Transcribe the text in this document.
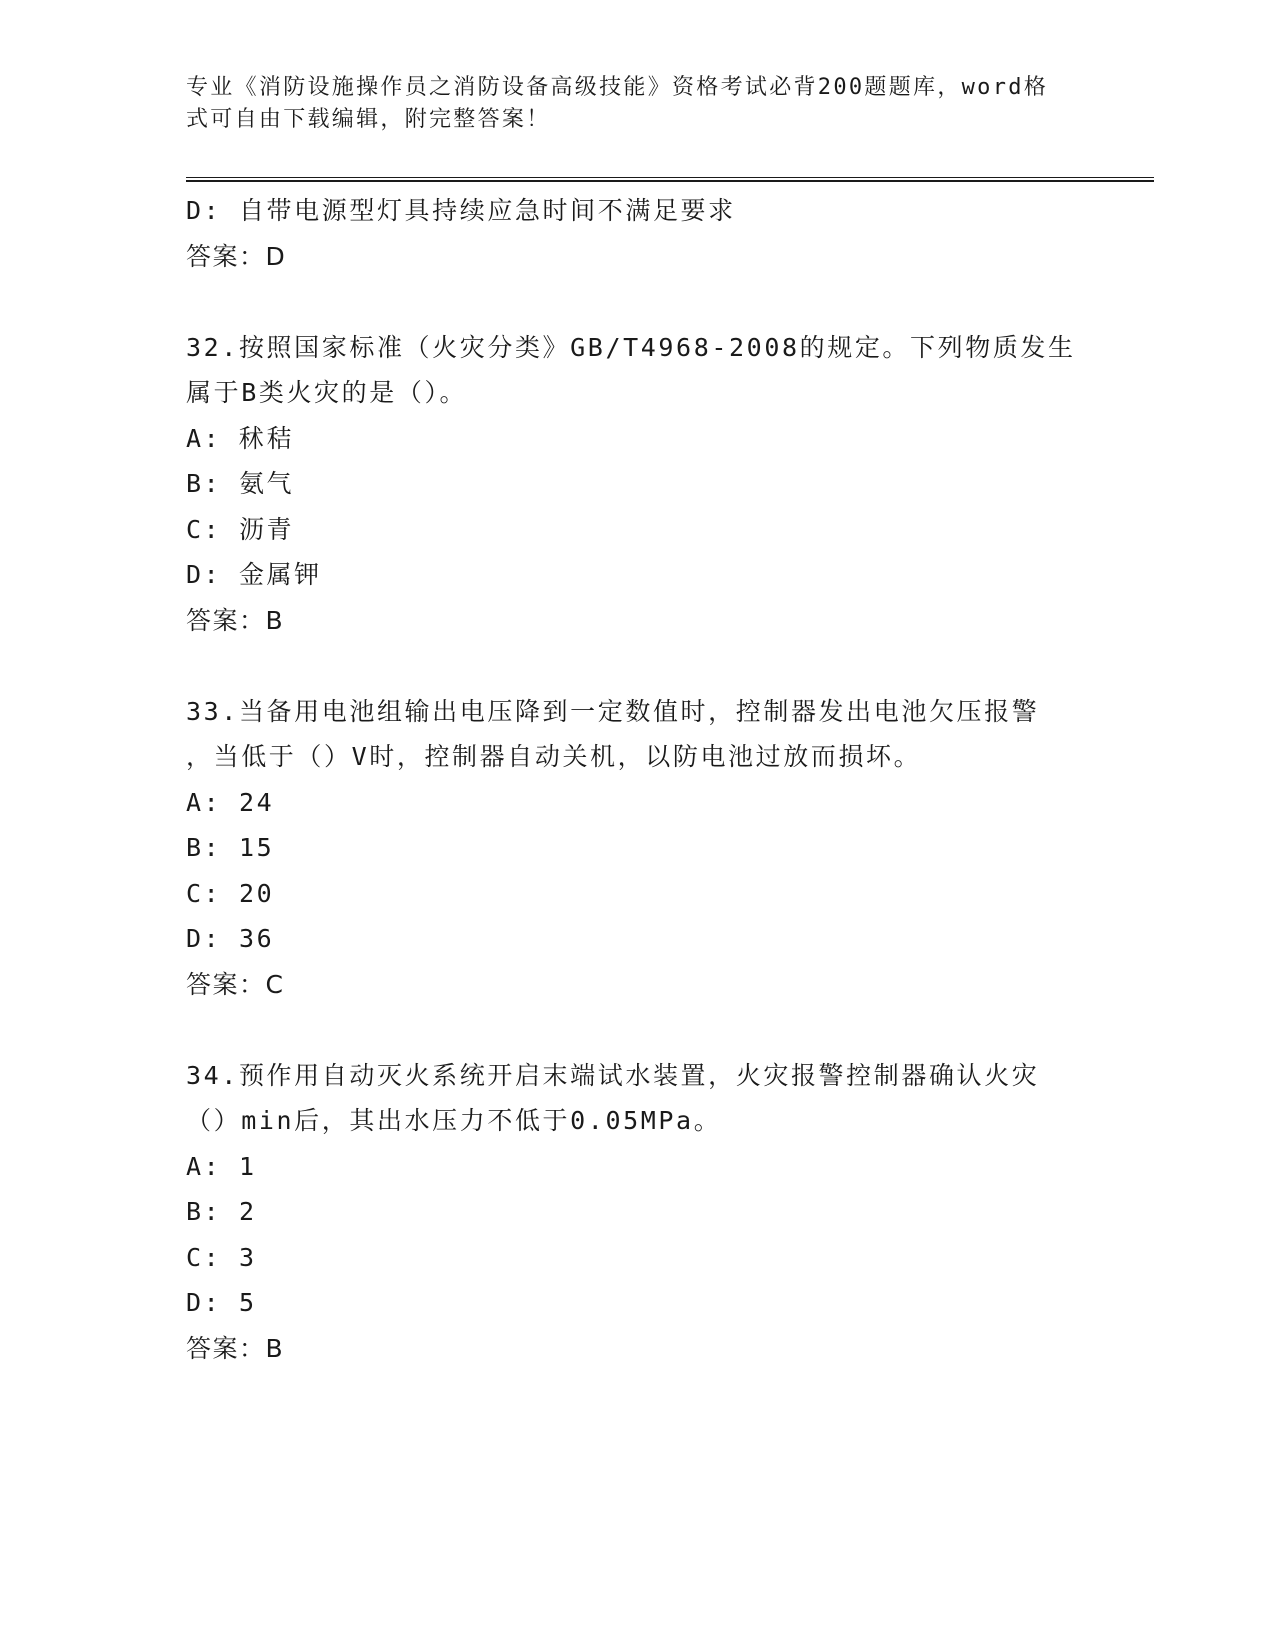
专业《消防设施操作员之消防设备高级技能》资格考试必背200题题库，word格
式可自由下载编辑，附完整答案！
D: 自带电源型灯具持续应急时间不满足要求
答案：D
32.按照国家标准（火灾分类》GB/T4968-2008的规定。下列物质发生
属于B类火灾的是（）。
A: 秫秸
B: 氨气
C: 沥青
D: 金属钾
答案：B
33.当备用电池组输出电压降到一定数值时，控制器发出电池欠压报警
，当低于（）V时，控制器自动关机，以防电池过放而损坏。
A: 24
B: 15
C: 20
D: 36
答案：C
34.预作用自动灭火系统开启末端试水装置，火灾报警控制器确认火灾
（）min后，其出水压力不低于0.05MPa。
A: 1
B: 2
C: 3
D: 5
答案：B
